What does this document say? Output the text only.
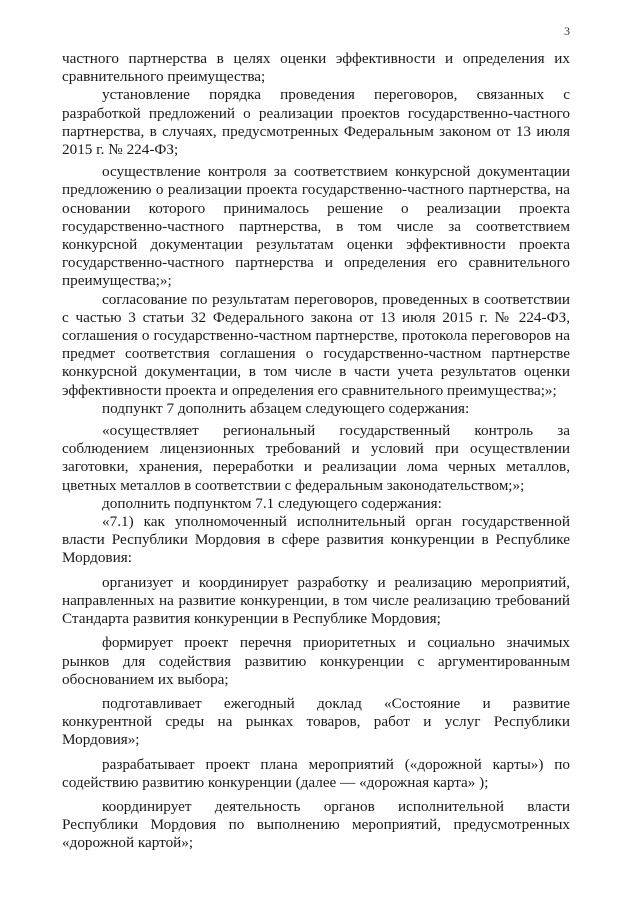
3

частного партнерства в целях оценки эффективности и определения их сравнительного преимущества;

установление порядка проведения переговоров, связанных с разработкой предложений о реализации проектов государственно-частного партнерства, в случаях, предусмотренных Федеральным законом от 13 июля 2015 г. № 224-ФЗ;

осуществление контроля за соответствием конкурсной документации предложению о реализации проекта государственно-частного партнерства, на основании которого принималось решение о реализации проекта государственно-частного партнерства, в том числе за соответствием конкурсной документации результатам оценки эффективности проекта государственно-частного партнерства и определения его сравнительного преимущества;»;

согласование по результатам переговоров, проведенных в соответствии с частью 3 статьи 32 Федерального закона от 13 июля 2015 г. № 224-ФЗ, соглашения о государственно-частном партнерстве, протокола переговоров на предмет соответствия соглашения о государственно-частном партнерстве конкурсной документации, в том числе в части учета результатов оценки эффективности проекта и определения его сравнительного преимущества;»;

подпункт 7 дополнить абзацем следующего содержания:

«осуществляет региональный государственный контроль за соблюдением лицензионных требований и условий при осуществлении заготовки, хранения, переработки и реализации лома черных металлов, цветных металлов в соответствии с федеральным законодательством;»;

дополнить подпунктом 7.1 следующего содержания:

«7.1) как уполномоченный исполнительный орган государственной власти Республики Мордовия в сфере развития конкуренции в Республике Мордовия:

организует и координирует разработку и реализацию мероприятий, направленных на развитие конкуренции, в том числе реализацию требований Стандарта развития конкуренции в Республике Мордовия;

формирует проект перечня приоритетных и социально значимых рынков для содействия развитию конкуренции с аргументированным обоснованием их выбора;

подготавливает ежегодный доклад «Состояние и развитие конкурентной среды на рынках товаров, работ и услуг Республики Мордовия»;

разрабатывает проект плана мероприятий («дорожной карты») по содействию развитию конкуренции (далее — «дорожная карта» );

координирует деятельность органов исполнительной власти Республики Мордовия по выполнению мероприятий, предусмотренных «дорожной картой»;
